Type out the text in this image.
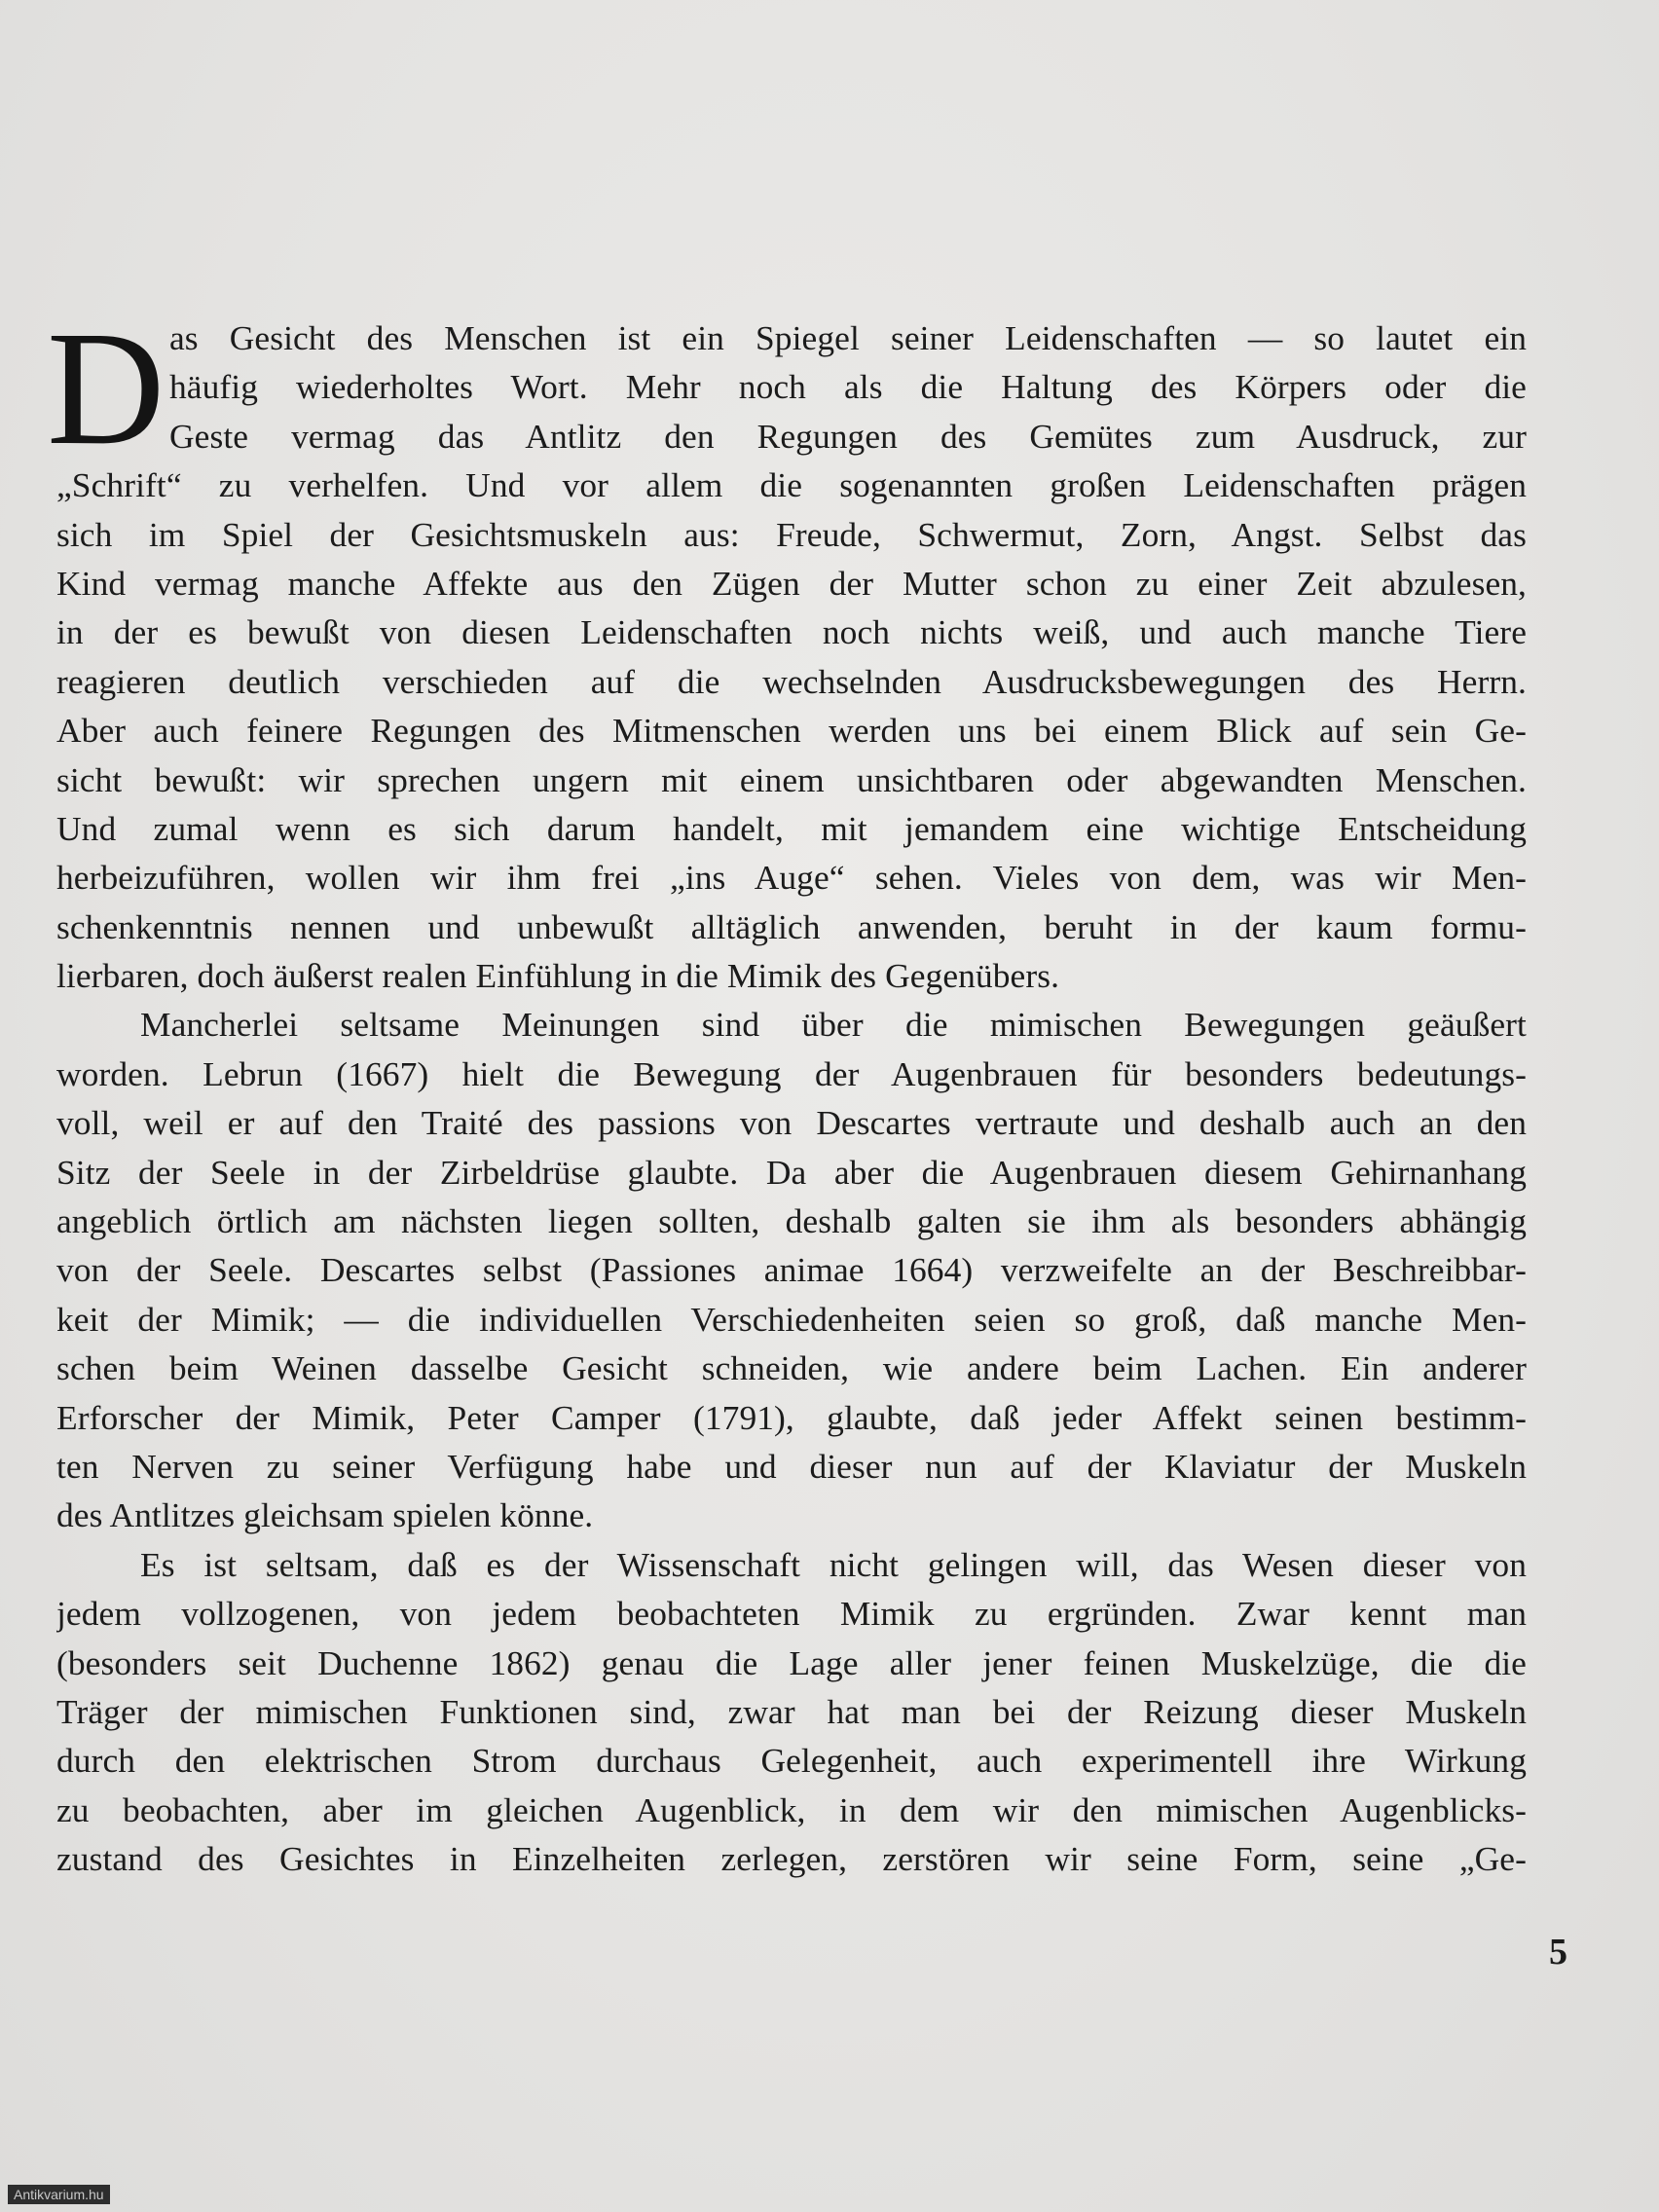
D as Gesicht des Menschen ist ein Spiegel seiner Leidenschaften — so lautet ein
häufig wiederholtes Wort. Mehr noch als die Haltung des Körpers oder die
Geste vermag das Antlitz den Regungen des Gemütes zum Ausdruck, zur
„Schrift“ zu verhelfen. Und vor allem die sogenannten großen Leidenschaften prägen
sich im Spiel der Gesichtsmuskeln aus: Freude, Schwermut, Zorn, Angst. Selbst das
Kind vermag manche Affekte aus den Zügen der Mutter schon zu einer Zeit abzulesen,
in der es bewußt von diesen Leidenschaften noch nichts weiß, und auch manche Tiere
reagieren deutlich verschieden auf die wechselnden Ausdrucksbewegungen des Herrn.
Aber auch feinere Regungen des Mitmenschen werden uns bei einem Blick auf sein Ge-
sicht bewußt: wir sprechen ungern mit einem unsichtbaren oder abgewandten Menschen.
Und zumal wenn es sich darum handelt, mit jemandem eine wichtige Entscheidung
herbeizuführen, wollen wir ihm frei „ins Auge“ sehen. Vieles von dem, was wir Men-
schenkenntnis nennen und unbewußt alltäglich anwenden, beruht in der kaum formu-
lierbaren, doch äußerst realen Einfühlung in die Mimik des Gegenübers.
Mancherlei seltsame Meinungen sind über die mimischen Bewegungen geäußert
worden. Lebrun (1667) hielt die Bewegung der Augenbrauen für besonders bedeutungs-
voll, weil er auf den Traité des passions von Descartes vertraute und deshalb auch an den
Sitz der Seele in der Zirbeldrüse glaubte. Da aber die Augenbrauen diesem Gehirnanhang
angeblich örtlich am nächsten liegen sollten, deshalb galten sie ihm als besonders abhängig
von der Seele. Descartes selbst (Passiones animae 1664) verzweifelte an der Beschreibbar-
keit der Mimik; — die individuellen Verschiedenheiten seien so groß, daß manche Men-
schen beim Weinen dasselbe Gesicht schneiden, wie andere beim Lachen. Ein anderer
Erforscher der Mimik, Peter Camper (1791), glaubte, daß jeder Affekt seinen bestimm-
ten Nerven zu seiner Verfügung habe und dieser nun auf der Klaviatur der Muskeln
des Antlitzes gleichsam spielen könne.
Es ist seltsam, daß es der Wissenschaft nicht gelingen will, das Wesen dieser von
jedem vollzogenen, von jedem beobachteten Mimik zu ergründen. Zwar kennt man
(besonders seit Duchenne 1862) genau die Lage aller jener feinen Muskelzüge, die die
Träger der mimischen Funktionen sind, zwar hat man bei der Reizung dieser Muskeln
durch den elektrischen Strom durchaus Gelegenheit, auch experimentell ihre Wirkung
zu beobachten, aber im gleichen Augenblick, in dem wir den mimischen Augenblicks-
zustand des Gesichtes in Einzelheiten zerlegen, zerstören wir seine Form, seine „Ge-
5
Antikvarium.hu
